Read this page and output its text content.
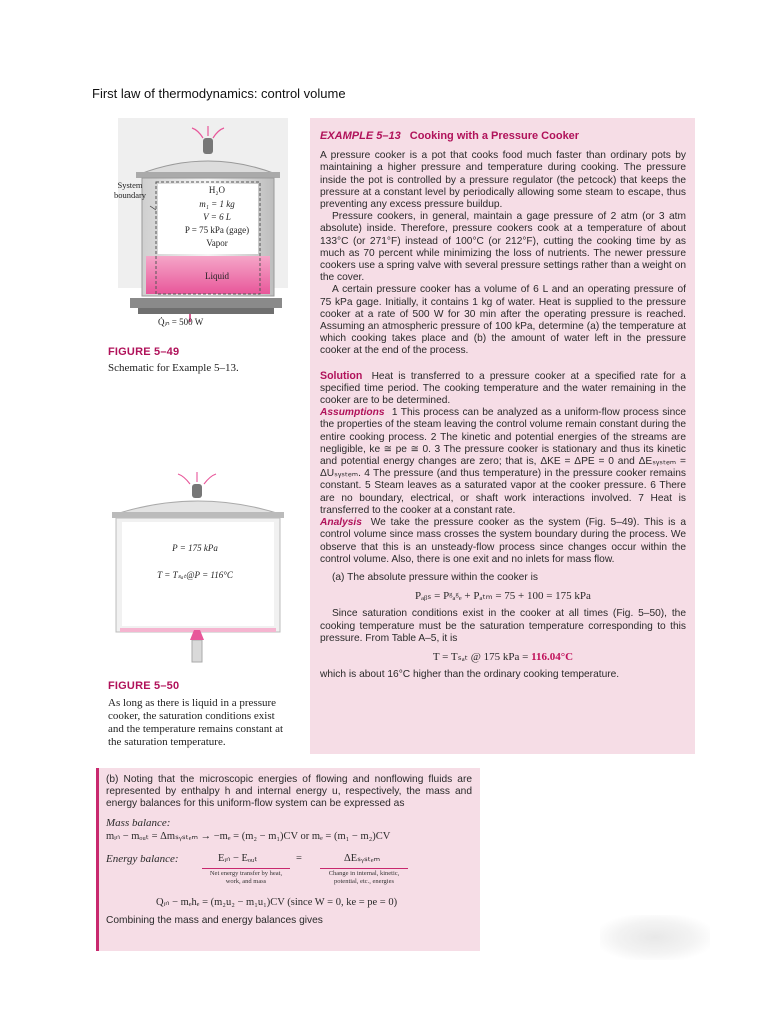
First law of thermodynamics: control volume
System boundary	H₂O
m₁ = 1 kg
V = 6 L
P = 75 kPa (gage)
Vapor
Liquid
Q̇ᵢₙ = 500 W
FIGURE 5–49
Schematic for Example 5–13.
P = 175 kPa
T = Tₛₐₜ@P = 116°C
FIGURE 5–50
As long as there is liquid in a pressure cooker, the saturation conditions exist and the temperature remains constant at the saturation temperature.
EXAMPLE 5–13 Cooking with a Pressure Cooker

A pressure cooker is a pot that cooks food much faster than ordinary pots by maintaining a higher pressure and temperature during cooking. The pressure inside the pot is controlled by a pressure regulator (the petcock) that keeps the pressure at a constant level by periodically allowing some steam to escape, thus preventing any excess pressure buildup.

Pressure cookers, in general, maintain a gage pressure of 2 atm (or 3 atm absolute) inside. Therefore, pressure cookers cook at a temperature of about 133°C (or 271°F) instead of 100°C (or 212°F), cutting the cooking time by as much as 70 percent while minimizing the loss of nutrients. The newer pressure cookers use a spring valve with several pressure settings rather than a weight on the cover.

A certain pressure cooker has a volume of 6 L and an operating pressure of 75 kPa gage. Initially, it contains 1 kg of water. Heat is supplied to the pressure cooker at a rate of 500 W for 30 min after the operating pressure is reached. Assuming an atmospheric pressure of 100 kPa, determine (a) the temperature at which cooking takes place and (b) the amount of water left in the pressure cooker at the end of the process.

Solution Heat is transferred to a pressure cooker at a specified rate for a specified time period. The cooking temperature and the water remaining in the cooker are to be determined.

Assumptions 1 This process can be analyzed as a uniform-flow process since the properties of the steam leaving the control volume remain constant during the entire cooking process. 2 The kinetic and potential energies of the streams are negligible, ke ≅ pe ≅ 0. 3 The pressure cooker is stationary and thus its kinetic and potential energy changes are zero; that is, ΔKE = ΔPE = 0 and ΔEₛᵧₛₜₑₘ = ΔUₛᵧₛₜₑₘ. 4 The pressure (and thus temperature) in the pressure cooker remains constant. 5 Steam leaves as a saturated vapor at the cooker pressure. 6 There are no boundary, electrical, or shaft work interactions involved. 7 Heat is transferred to the cooker at a constant rate.

Analysis We take the pressure cooker as the system (Fig. 5–49). This is a control volume since mass crosses the system boundary during the process. We observe that this is an unsteady-flow process since changes occur within the control volume. Also, there is one exit and no inlets for mass flow.

(a) The absolute pressure within the cooker is

Pₐᵦₛ = Pᵍₐᵍₑ + Pₐₜₘ = 75 + 100 = 175 kPa

Since saturation conditions exist in the cooker at all times (Fig. 5–50), the cooking temperature must be the saturation temperature corresponding to this pressure. From Table A–5, it is

T = Tₛₐₜ @ 175 kPa = 116.04°C

which is about 16°C higher than the ordinary cooking temperature.

(b) Noting that the microscopic energies of flowing and nonflowing fluids are represented by enthalpy h and internal energy u, respectively, the mass and energy balances for this uniform-flow system can be expressed as

Mass balance:
mᵢₙ − mₒᵤₜ = Δmₛᵧₛₜₑₘ → −mₑ = (m₂ − m₁)CV or mₑ = (m₁ − m₂)CV
Energy balance:	Eᵢₙ − Eₒᵤₜ	=	ΔEₛᵧₛₜₑₘ
Net energy transfer by heat, work, and mass
Change in internal, kinetic, potential, etc., energies
Qᵢₙ − mₑhₑ = (m₂u₂ − m₁u₁)CV (since W = 0, ke = pe = 0)
Combining the mass and energy balances gives
